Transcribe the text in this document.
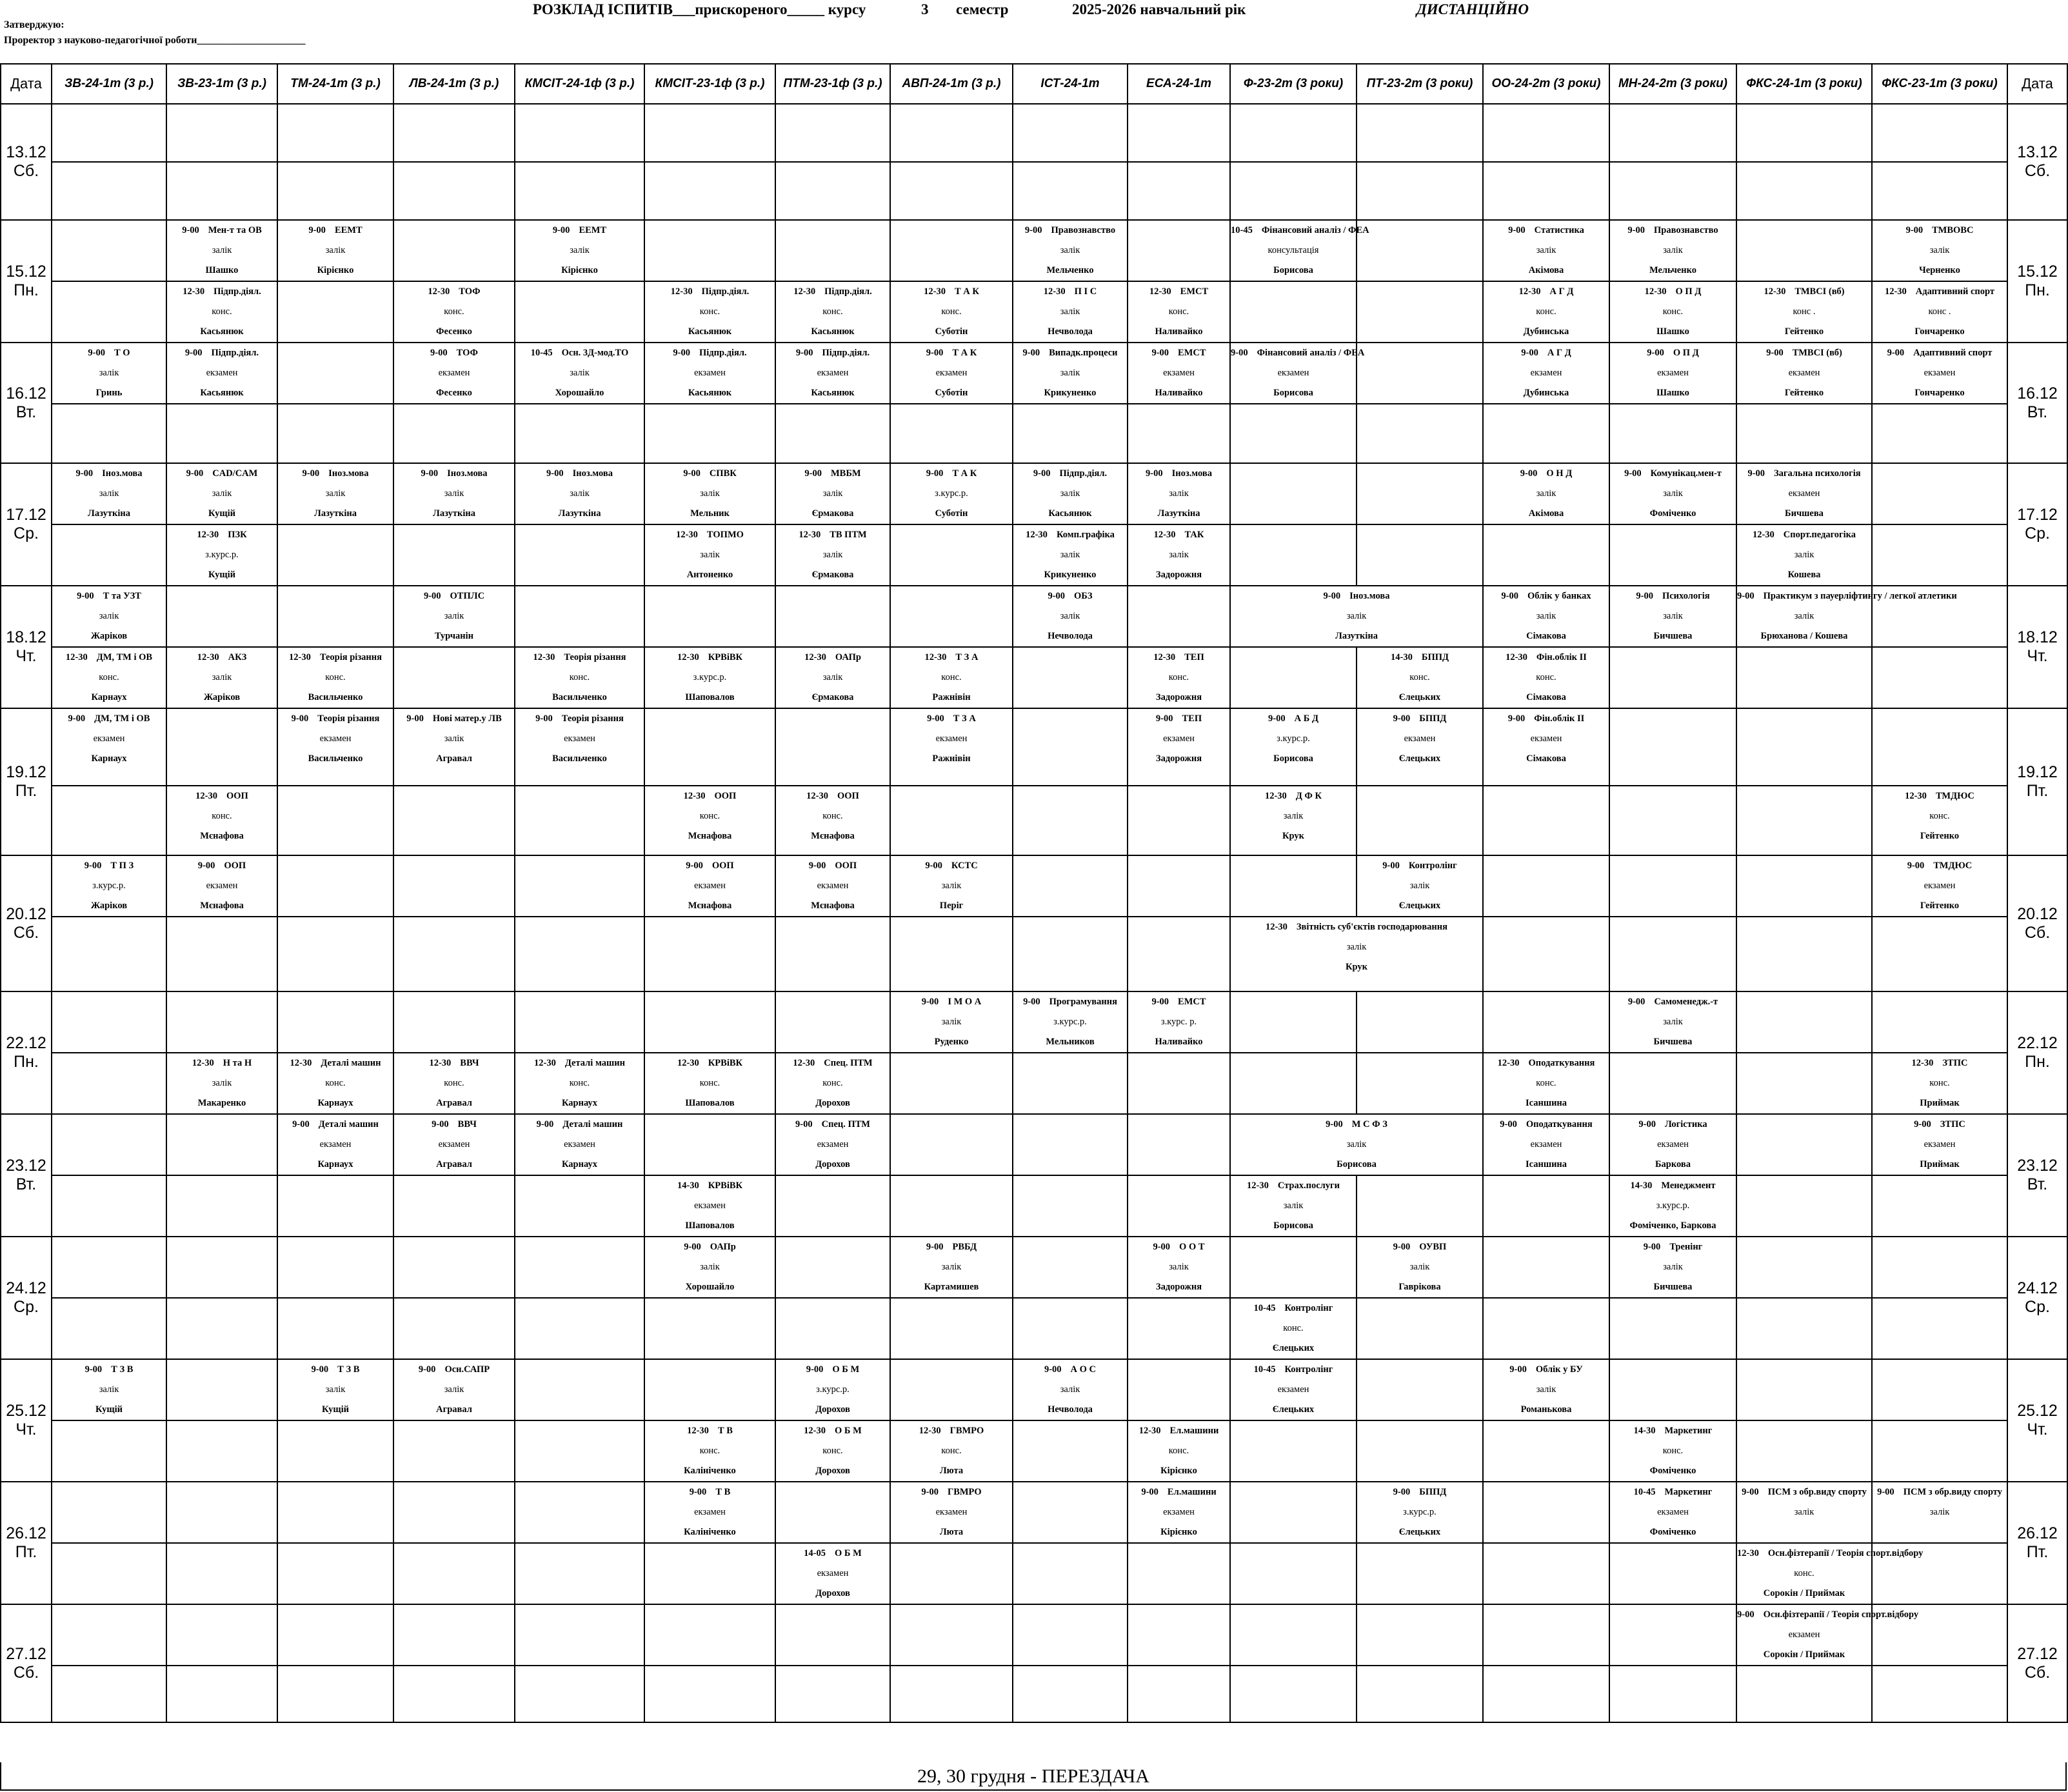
РОЗКЛАД ІСПИТІВ___прискореного_____ курсу	3 семестр	2025-2026 навчальний рік	ДИСТАНЦІЙНО
Затверджую:
Проректор з науково-педагогічної роботи_____________________
Дата	ЗВ-24-1т (3 р.)	ЗВ-23-1т (3 р.)	ТМ-24-1т (3 р.)	ЛВ-24-1т (3 р.)	КМСІТ-24-1ф (3 р.)	КМСІТ-23-1ф (3 р.)	ПТМ-23-1ф (3 р.)	АВП-24-1т (3 р.)	ІСТ-24-1т	ЕСА-24-1т	Ф-23-2т (3 роки)	ПТ-23-2т (3 роки)	ОО-24-2т (3 роки)	МН-24-2т (3 роки)	ФКС-24-1т (3 роки)	ФКС-23-1т (3 роки)	Дата
13.12
Сб.																	13.12
Сб.

15.12
Пн.		9-00 Мен-т та ОВ
залік
Шашко	9-00 ЕЕМТ
залік
Кірієнко		9-00 ЕЕМТ
залік
Кірієнко				9-00 Правознавство
залік
Мельченко		10-45 Фінансовий аналіз / ФЕА
консультація
Борисова		9-00 Статистика
залік
Акімова	9-00 Правознавство
залік
Мельченко		9-00 ТМВОВС
залік
Черненко	15.12
Пн.

		12-30 Підпр.діял.
конс.
Касьянюк		12-30 ТОФ
конс.
Фесенко		12-30 Підпр.діял.
конс.
Касьянюк	12-30 Підпр.діял.
конс.
Касьянюк	12-30 Т А К
конс.
Суботін	12-30 П І С
залік
Нечволода	12-30 ЕМСТ
конс.
Наливайко			12-30 А Г Д
конс.
Дубинська	12-30 О П Д
конс.
Шашко	12-30 ТМВСІ (вб)
конс .
Гейтенко	12-30 Адаптивний спорт
конс .
Гончаренко	

16.12
Вт.	9-00 Т О
залік
Гринь	9-00 Підпр.діял.
екзамен
Касьянюк		9-00 ТОФ
екзамен
Фесенко	10-45 Осн. 3Д-мод.ТО
залік
Хорошайло	9-00 Підпр.діял.
екзамен
Касьянюк	9-00 Підпр.діял.
екзамен
Касьянюк	9-00 Т А К
екзамен
Суботін	9-00 Випадк.процеси
залік
Крикуненко	9-00 ЕМСТ
екзамен
Наливайко	9-00 Фінансовий аналіз / ФЕА
екзамен
Борисова		9-00 А Г Д
екзамен
Дубинська	9-00 О П Д
екзамен
Шашко	9-00 ТМВСІ (вб)
екзамен
Гейтенко	9-00 Адаптивний спорт
екзамен
Гончаренко	16.12
Вт.

17.12
Ср.	9-00 Іноз.мова
залік
Лазуткіна	9-00 CAD/CAM
залік
Кущій	9-00 Іноз.мова
залік
Лазуткіна	9-00 Іноз.мова
залік
Лазуткіна	9-00 Іноз.мова
залік
Лазуткіна	9-00 СПВК
залік
Мельник	9-00 МВБМ
залік
Єрмакова	9-00 Т А К
з.курс.р.
Суботін	9-00 Підпр.діял.
залік
Касьянюк	9-00 Іноз.мова
залік
Лазуткіна			9-00 О Н Д
залік
Акімова	9-00 Комунікац.мен-т
залік
Фоміченко	9-00 Загальна психологія
екзамен
Бичшева		17.12
Ср.

		12-30 ПЗК
з.курс.р.
Кущій				12-30 ТОПМО
залік
Антоненко	12-30 ТВ ПТМ
залік
Єрмакова		12-30 Комп.графіка
залік
Крикуненко	12-30 ТАК
залік
Задорожня					12-30 Спорт.педагогіка
залік
Кошева		

18.12
Чт.	9-00 Т та УЗТ
залік
Жаріков			9-00 ОТПЛС
залік
Турчанін					9-00 ОБЗ
залік
Нечволода		9-00 Іноз.мова
залік
Лазуткіна		9-00 Облік у банках
залік
Сімакова	9-00 Психологія
залік
Бичшева	9-00 Практикум з пауерліфтингу / легкої атлетики
залік
Брюханова / Кошева		18.12
Чт.

	12-30 ДМ, ТМ і ОВ
конс.
Карнаух	12-30 АКЗ
залік
Жаріков	12-30 Теорія різання
конс.
Васильченко		12-30 Теорія різання
конс.
Васильченко	12-30 КРВіВК
з.курс.р.
Шаповалов	12-30 ОАПр
залік
Єрмакова	12-30 Т З А
конс.
Ражнівін		12-30 ТЕП
конс.
Задорожня		14-30 БППД
конс.
Єлецьких	12-30 Фін.облік ІІ
конс.
Сімакова				

19.12
Пт.	9-00 ДМ, ТМ і ОВ
екзамен
Карнаух		9-00 Теорія різання
екзамен
Васильченко	9-00 Нові матер.у ЛВ
залік
Агравал	9-00 Теорія різання
екзамен
Васильченко			9-00 Т З А
екзамен
Ражнівін		9-00 ТЕП
екзамен
Задорожня	9-00 А Б Д
з.курс.р.
Борисова	9-00 БППД
екзамен
Єлецьких	9-00 Фін.облік ІІ
екзамен
Сімакова				19.12
Пт.

		12-30 ООП
конс.
Мєнафова				12-30 ООП
конс.
Мєнафова	12-30 ООП
конс.
Мєнафова				12-30 Д Ф К
залік
Крук					12-30 ТМДЮС
конс.
Гейтенко	

20.12
Сб.	9-00 Т П З
з.курс.р.
Жаріков	9-00 ООП
екзамен
Мєнафова				9-00 ООП
екзамен
Мєнафова	9-00 ООП
екзамен
Мєнафова	9-00 КСТС
залік
Періг				9-00 Контролінг
залік
Єлецьких				9-00 ТМДЮС
екзамен
Гейтенко	20.12
Сб.

											12-30 Звітність суб'єктів господарювання
залік
Крук						

22.12
Пн.								9-00 І М О А
залік
Руденко	9-00 Програмування
з.курс.р.
Мельников	9-00 ЕМСТ
з.курс. р.
Наливайко				9-00 Самоменедж.-т
залік
Бичшева			22.12
Пн.

		12-30 Н та Н
залік
Макаренко	12-30 Деталі машин
конс.
Карнаух	12-30 ВВЧ
конс.
Агравал	12-30 Деталі машин
конс.
Карнаух	12-30 КРВіВК
конс.
Шаповалов	12-30 Спец. ПТМ
конс.
Дорохов						12-30 Оподаткування
конс.
Ісаншина			12-30 ЗТПС
конс.
Приймак	

23.12
Вт.			9-00 Деталі машин
екзамен
Карнаух	9-00 ВВЧ
екзамен
Агравал	9-00 Деталі машин
екзамен
Карнаух		9-00 Спец. ПТМ
екзамен
Дорохов				9-00 М С Ф З
залік
Борисова		9-00 Оподаткування
екзамен
Ісаншина	9-00 Логістика
екзамен
Баркова		9-00 ЗТПС
екзамен
Приймак	23.12
Вт.

						14-30 КРВіВК
екзамен
Шаповалов					12-30 Страх.послуги
залік
Борисова			14-30 Менеджмент
з.курс.р.
Фоміченко, Баркова			

24.12
Ср.						9-00 ОАПр
залік
Хорошайло		9-00 РВБД
залік
Картамишев		9-00 О О Т
залік
Задорожня		9-00 ОУВП
залік
Гаврікова		9-00 Тренінг
залік
Бичшева			24.12
Ср.

											10-45 Контролінг
конс.
Єлецьких						

25.12
Чт.	9-00 Т З В
залік
Кущій		9-00 Т З В
залік
Кущій	9-00 Осн.САПР
залік
Агравал			9-00 О Б М
з.курс.р.
Дорохов		9-00 А О С
залік
Нечволода		10-45 Контролінг
екзамен
Єлецьких		9-00 Облік у БУ
залік
Романькова				25.12
Чт.

						12-30 Т В
конс.
Калініченко	12-30 О Б М
конс.
Дорохов	12-30 ГВМРО
конс.
Люта		12-30 Ел.машини
конс.
Кірієнко				14-30 Маркетинг
конс.
Фоміченко			

26.12
Пт.						9-00 Т В
екзамен
Калініченко		9-00 ГВМРО
екзамен
Люта		9-00 Ел.машини
екзамен
Кірієнко		9-00 БППД
з.курс.р.
Єлецьких		10-45 Маркетинг
екзамен
Фоміченко	9-00 ПСМ з обр.виду спорту
залік	9-00 ПСМ з обр.виду спорту
залік	26.12
Пт.

							14-05 О Б М
екзамен
Дорохов								12-30 Осн.фізтерапії / Теорія спорт.відбору
конс.
Сорокін / Приймак		

27.12
Сб.															9-00 Осн.фізтерапії / Теорія спорт.відбору
екзамен
Сорокін / Приймак		27.12
Сб.

29, 30 грудня - ПЕРЕЗДАЧА
